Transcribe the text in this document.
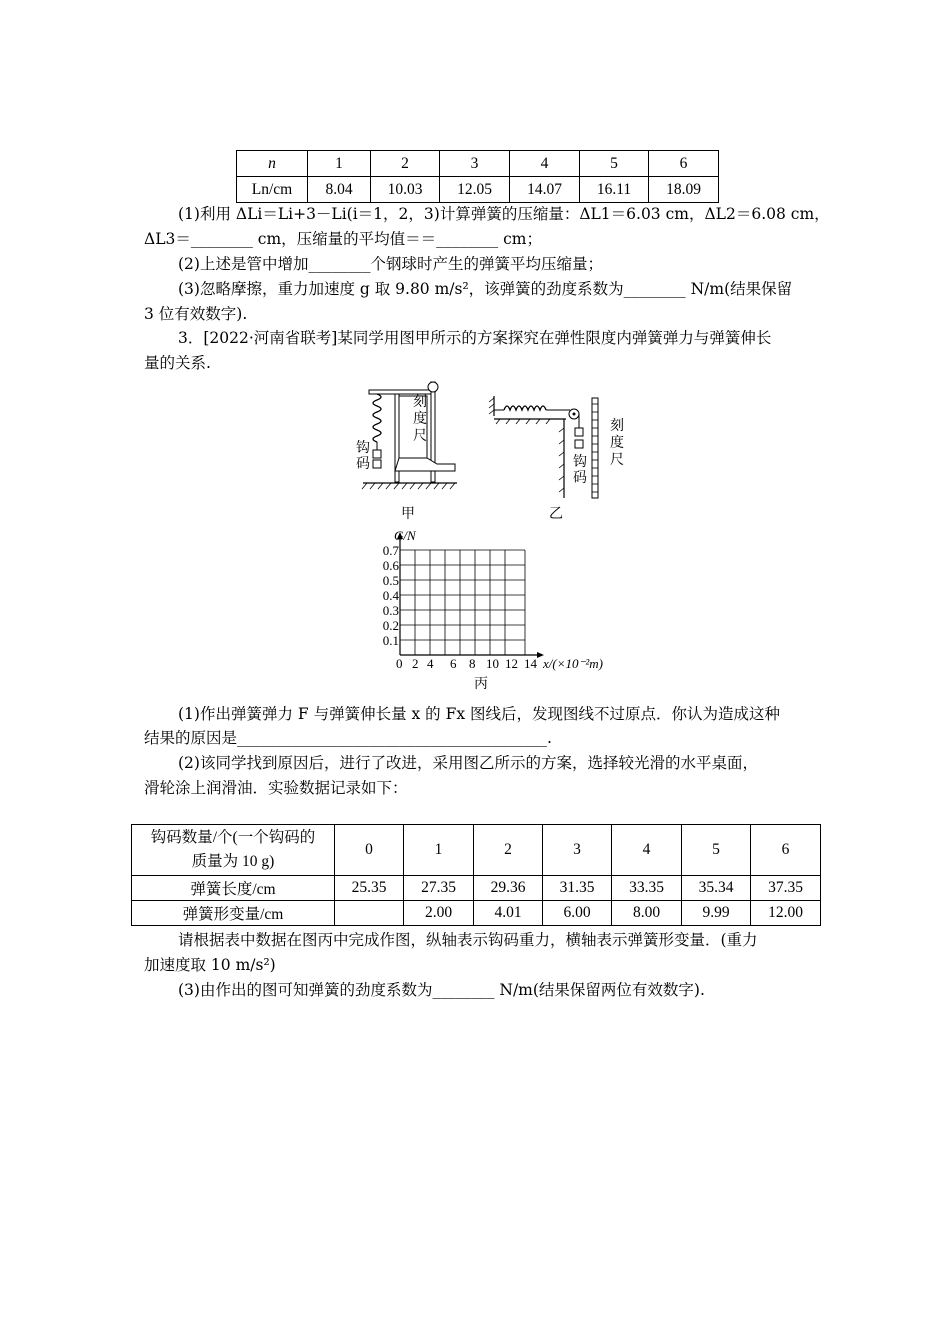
n	1	2	3	4	5	6
Ln/cm	8.04	10.03	12.05	14.07	16.11	18.09
(1)利用 ΔLi＝Li+3－Li(i＝1，2，3)计算弹簧的压缩量：ΔL1＝6.03 cm，ΔL2＝6.08 cm，
ΔL3＝________ cm，压缩量的平均值＝＝________ cm；
(2)上述是管中增加________个钢球时产生的弹簧平均压缩量；
(3)忽略摩擦，重力加速度 g 取 9.80 m/s²，该弹簧的劲度系数为________ N/m(结果保留
3 位有效数字).
3．[2022·河南省联考]某同学用图甲所示的方案探究在弹性限度内弹簧弹力与弹簧伸长
量的关系.
刻度尺
钩码
甲
刻度尺
钩码
乙
G/N
0.7
0.6
0.5
0.4
0.3
0.2
0.1
0 2 4 6 8 10 12 14 x/(×10⁻²m)
丙
(1)作出弹簧弹力 F 与弹簧伸长量 x 的 Fx 图线后，发现图线不过原点．你认为造成这种
结果的原因是________________________________________.
(2)该同学找到原因后，进行了改进，采用图乙所示的方案，选择较光滑的水平桌面，
滑轮涂上润滑油．实验数据记录如下：
钩码数量/个(一个钩码的
质量为 10 g)	0	1	2	3	4	5	6
弹簧长度/cm	25.35	27.35	29.36	31.35	33.35	35.34	37.35
弹簧形变量/cm		2.00	4.01	6.00	8.00	9.99	12.00
请根据表中数据在图丙中完成作图，纵轴表示钩码重力，横轴表示弹簧形变量．(重力
加速度取 10 m/s²)
(3)由作出的图可知弹簧的劲度系数为________ N/m(结果保留两位有效数字).
